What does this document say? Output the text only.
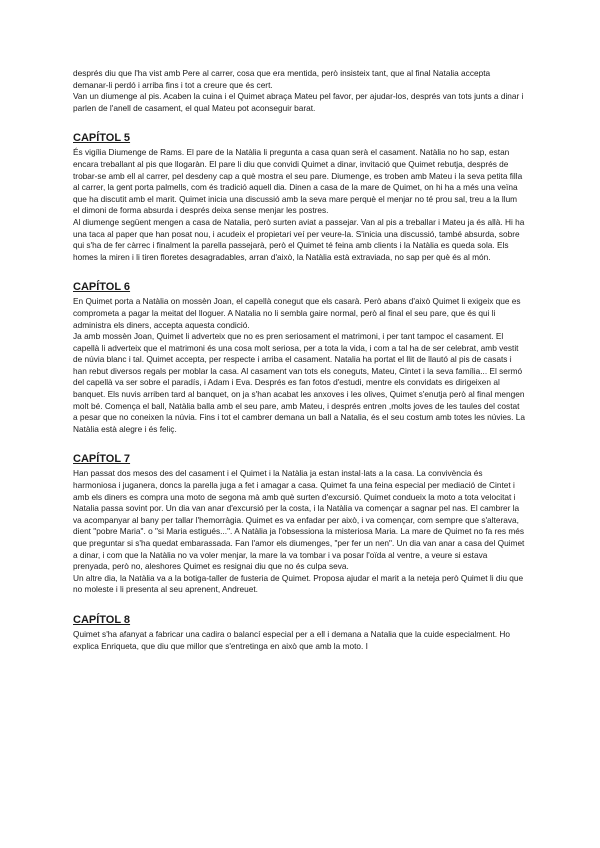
després diu que l'ha vist amb Pere al carrer, cosa que era mentida, però insisteix tant, que al final Natalia accepta demanar-li perdó i arriba fins i tot a creure que és cert.

Van un diumenge al pis. Acaben la cuina i el Quimet abraça Mateu pel favor, per ajudar-los, després van tots junts a dinar i parlen de l'anell de casament, el qual Mateu pot aconseguir barat.

CAPÍTOL 5

És vigília Diumenge de Rams. El pare de la Natàlia li pregunta a casa quan serà el casament. Natàlia no ho sap, estan encara treballant al pis que llogaràn. El pare li diu que convidi Quimet a dinar, invitació que Quimet rebutja, després de trobar-se amb ell al carrer, pel desdeny cap a què mostra el seu pare. Diumenge, es troben amb Mateu i la seva petita filla al carrer, la gent porta palmells, com és tradició aquell dia. Dinen a casa de la mare de Quimet, on hi ha a més una veïna que ha discutit amb el marit. Quimet inicia una discussió amb la seva mare perquè el menjar no té prou sal, treu a la llum el dimoni de forma absurda i després deixa sense menjar les postres.

Al diumenge següent mengen a casa de Natalia, però surten aviat a passejar. Van al pis a treballar i Mateu ja és allà. Hi ha una taca al paper que han posat nou, i acudeix el propietari veí per veure-la. S'inicia una discussió, també absurda, sobre qui s'ha de fer càrrec i finalment la parella passejarà, però el Quimet té feina amb clients i la Natàlia es queda sola. Els homes la miren i li tiren floretes desagradables, arran d'això, la Natàlia està extraviada, no sap per què és al món.

CAPÍTOL 6

En Quimet porta a Natàlia on mossèn Joan, el capellà conegut que els casarà. Però abans d'això Quimet li exigeix que es comprometa a pagar la meitat del lloguer. A Natalia no li sembla gaire normal, però al final el seu pare, que és qui li administra els diners, accepta aquesta condició.

Ja amb mossèn Joan, Quimet li adverteix que no es pren seriosament el matrimoni, i per tant tampoc el casament. El capellà li adverteix que el matrimoni és una cosa molt seriosa, per a tota la vida, i com a tal ha de ser celebrat, amb vestit de núvia blanc i tal. Quimet accepta, per respecte i arriba el casament. Natalia ha portat el llit de llautó al pis de casats i han rebut diversos regals per moblar la casa. Al casament van tots els coneguts, Mateu, Cintet i la seva família... El sermó del capellà va ser sobre el paradís, i Adam i Eva. Després es fan fotos d'estudi, mentre els convidats es dirigeixen al banquet. Els nuvis arriben tard al banquet, on ja s'han acabat les anxoves i les olives, Quimet s'enutja però al final mengen molt bé. Comença el ball, Natàlia balla amb el seu pare, amb Mateu, i després entren ,molts joves de les taules del costat a pesar que no coneixen la núvia. Fins i tot el cambrer demana un ball a Natalia, és el seu costum amb totes les núvies. La Natàlia està alegre i és feliç.

CAPÍTOL 7

Han passat dos mesos des del casament i el Quimet i la Natàlia ja estan instal·lats a la casa. La convivència és harmoniosa i juganera, doncs la parella juga a fet i amagar a casa. Quimet fa una feina especial per mediació de Cintet i amb els diners es compra una moto de segona mà amb què surten d'excursió. Quimet condueix la moto a tota velocitat i Natalia passa sovint por. Un dia van anar d'excursió per la costa, i la Natàlia va començar a sagnar pel nas. El cambrer la va acompanyar al bany per tallar l'hemorràgia. Quimet es va enfadar per això, i va començar, com sempre que s'alterava, dient "pobre Maria". o "si Maria estigués...". A Natàlia ja l'obsessiona la misteriosa Maria. La mare de Quimet no fa res més que preguntar si s'ha quedat embarassada. Fan l'amor els diumenges, "per fer un nen". Un dia van anar a casa del Quimet a dinar, i com que la Natàlia no va voler menjar, la mare la va tombar i va posar l'oïda al ventre, a veure si estava prenyada, però no, aleshores Quimet es resignai diu que no és culpa seva.

Un altre dia, la Natàlia va a la botiga-taller de fusteria de Quimet. Proposa ajudar el marit a la neteja però Quimet li diu que no moleste i li presenta al seu aprenent, Andreuet.

CAPÍTOL 8

Quimet s'ha afanyat a fabricar una cadira o balancí especial per a ell i demana a Natalia que la cuide especialment. Ho explica Enriqueta, que diu que millor que s'entretinga en això que amb la moto. I
